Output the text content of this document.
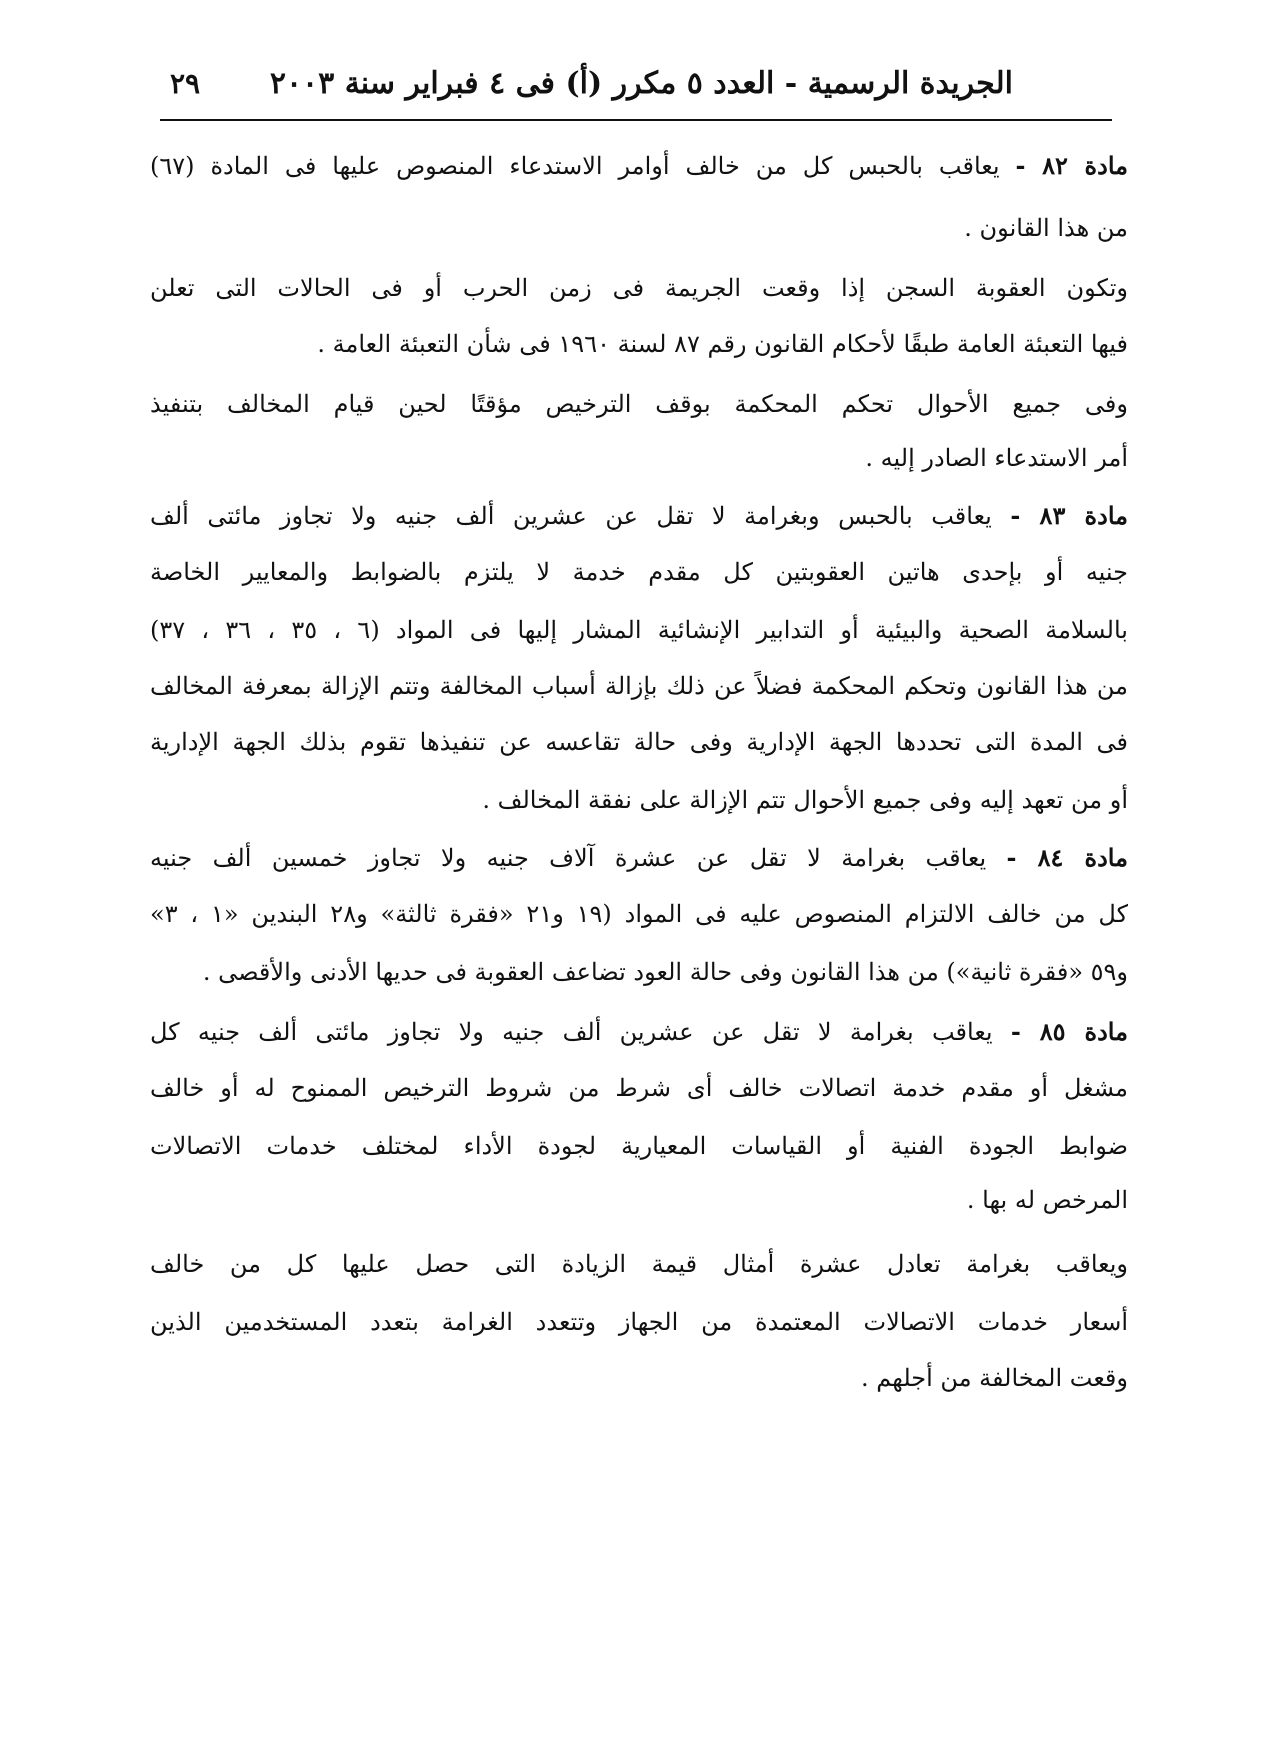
الجريدة الرسمية - العدد ٥ مكرر (أ) فى ٤ فبراير سنة ٢٠٠٣
٢٩
مادة ٨٢ - يعاقب بالحبس كل من خالف أوامر الاستدعاء المنصوص عليها فى المادة (٦٧)
من هذا القانون .
وتكون العقوبة السجن إذا وقعت الجريمة فى زمن الحرب أو فى الحالات التى تعلن
فيها التعبئة العامة طبقًا لأحكام القانون رقم ٨٧ لسنة ١٩٦٠ فى شأن التعبئة العامة .
وفى جميع الأحوال تحكم المحكمة بوقف الترخيص مؤقتًا لحين قيام المخالف بتنفيذ
أمر الاستدعاء الصادر إليه .
مادة ٨٣ - يعاقب بالحبس وبغرامة لا تقل عن عشرين ألف جنيه ولا تجاوز مائتى ألف
جنيه أو بإحدى هاتين العقوبتين كل مقدم خدمة لا يلتزم بالضوابط والمعايير الخاصة
بالسلامة الصحية والبيئية أو التدابير الإنشائية المشار إليها فى المواد (٦ ، ٣٥ ، ٣٦ ، ٣٧)
من هذا القانون وتحكم المحكمة فضلاً عن ذلك بإزالة أسباب المخالفة وتتم الإزالة بمعرفة المخالف
فى المدة التى تحددها الجهة الإدارية وفى حالة تقاعسه عن تنفيذها تقوم بذلك الجهة الإدارية
أو من تعهد إليه وفى جميع الأحوال تتم الإزالة على نفقة المخالف .
مادة ٨٤ - يعاقب بغرامة لا تقل عن عشرة آلاف جنيه ولا تجاوز خمسين ألف جنيه
كل من خالف الالتزام المنصوص عليه فى المواد (١٩ و٢١ «فقرة ثالثة» و٢٨ البندين «١ ، ٣»
و٥٩ «فقرة ثانية») من هذا القانون وفى حالة العود تضاعف العقوبة فى حديها الأدنى والأقصى .
مادة ٨٥ - يعاقب بغرامة لا تقل عن عشرين ألف جنيه ولا تجاوز مائتى ألف جنيه كل
مشغل أو مقدم خدمة اتصالات خالف أى شرط من شروط الترخيص الممنوح له أو خالف
ضوابط الجودة الفنية أو القياسات المعيارية لجودة الأداء لمختلف خدمات الاتصالات
المرخص له بها .
ويعاقب بغرامة تعادل عشرة أمثال قيمة الزيادة التى حصل عليها كل من خالف
أسعار خدمات الاتصالات المعتمدة من الجهاز وتتعدد الغرامة بتعدد المستخدمين الذين
وقعت المخالفة من أجلهم .
